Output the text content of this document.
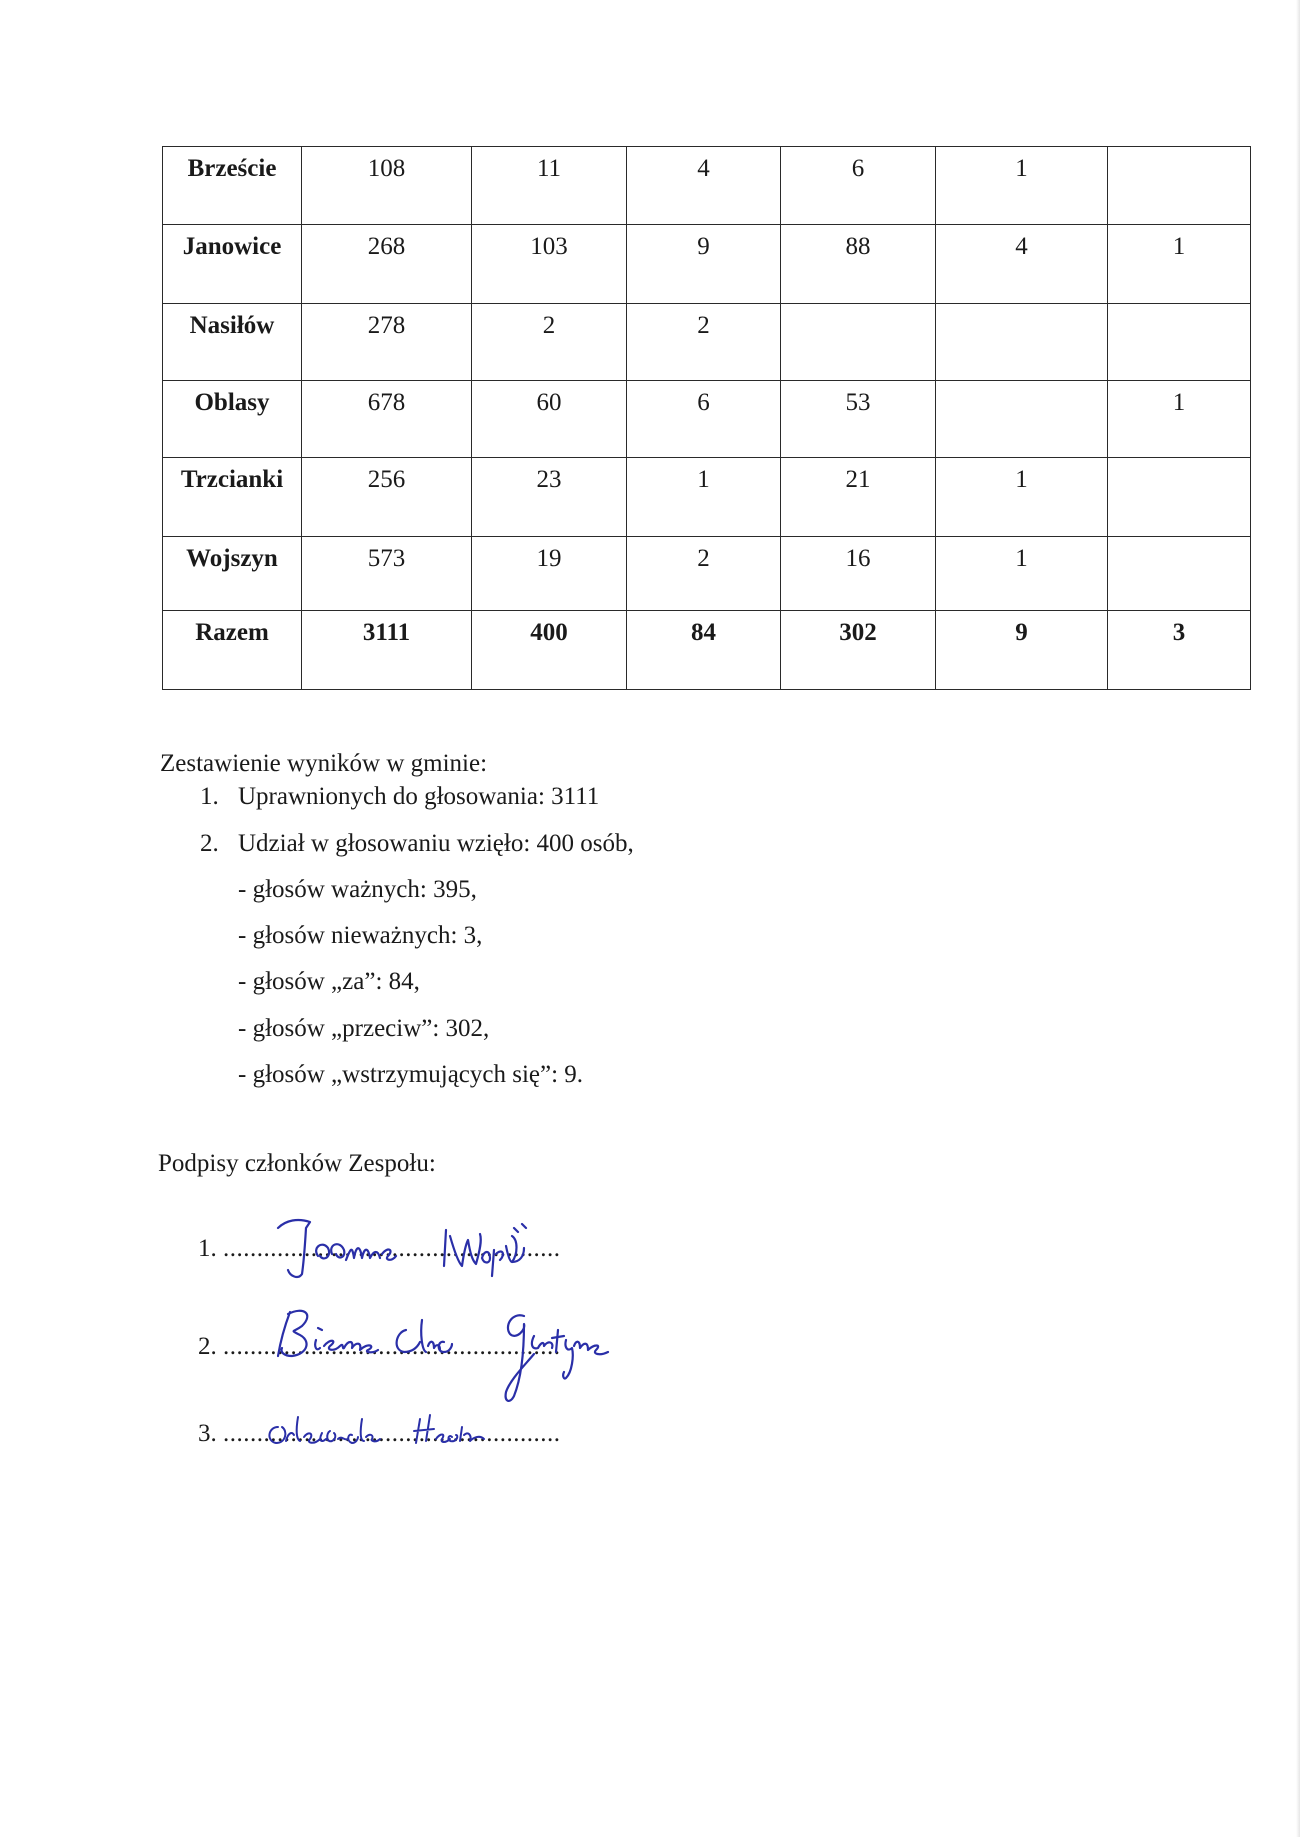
Brzeście	108	11	4	6	1	
Janowice	268	103	9	88	4	1
Nasiłów	278	2	2			
Oblasy	678	60	6	53		1
Trzcianki	256	23	1	21	1	
Wojszyn	573	19	2	16	1	
Razem	3111	400	84	302	9	3
Zestawienie wyników w gminie:
1. Uprawnionych do głosowania: 3111
2. Udział w głosowaniu wzięło: 400 osób,
- głosów ważnych: 395,
- głosów nieważnych: 3,
- głosów „za”: 84,
- głosów „przeciw”: 302,
- głosów „wstrzymujących się”: 9.
Podpisy członków Zespołu:
1. ..................................................
2. ..................................................
3. ..................................................
